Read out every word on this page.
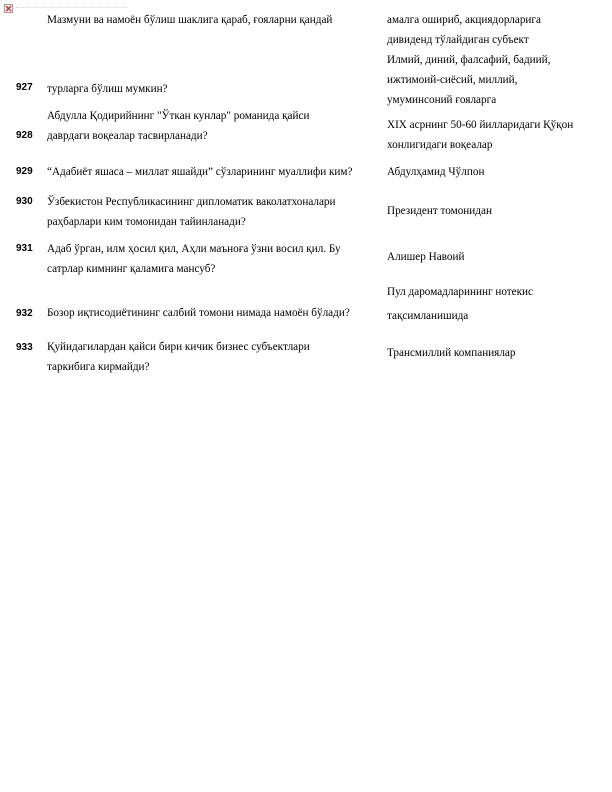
Мазмуни ва намоён бўлиш шаклига қараб, ғояларни қандай	амалга ошириб, акциядорларига
дивиденд тўлайдиган субъект
Илмий, диний, фалсафий, бадиий,
927 турларга бўлиш мумкин?
ижтимоий-сиёсий, миллий,
умуминсоний ғояларга
928
Абдулла Қодирийнинг "Ўткан кунлар" романида қайси
даврдаги воқеалар тасвирланади?
XIX асрнинг 50-60 йилларидаги Қўқон
хонлигидаги воқеалар
929 “Адабиёт яшаса – миллат яшайди” сўзларининг муаллифи ким?	Абдулҳамид Чўлпон
930 Ўзбекистон Республикасининг дипломатик ваколатхоналари
раҳбарлари ким томонидан тайинланади?
Президент томонидан
931 Адаб ўрган, илм ҳосил қил, Аҳли маъноға ўзни восил қил. Бу
сатрлар кимнинг қаламига мансуб?
Алишер Навоий
932 Бозор иқтисодиётининг салбий томони нимада намоён бўлади?
Пул даромадларининг нотекис
тақсимланишида
933 Қуйидагилардан қайси бири кичик бизнес субъектлари
таркибига кирмайди?
Трансмиллий компаниялар
